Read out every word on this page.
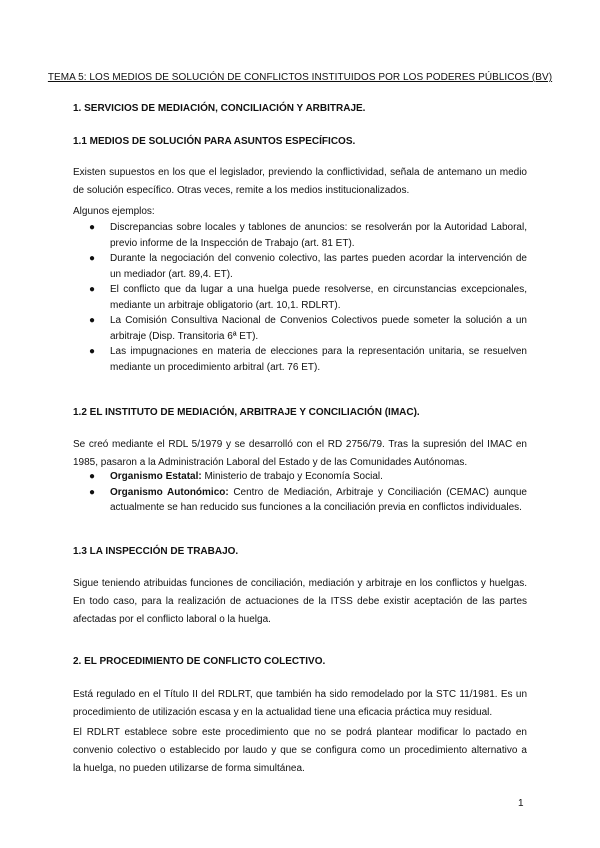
TEMA 5: LOS MEDIOS DE SOLUCIÓN DE CONFLICTOS INSTITUIDOS POR LOS PODERES PÚBLICOS (BV)
1. SERVICIOS DE MEDIACIÓN, CONCILIACIÓN Y ARBITRAJE.
1.1 MEDIOS DE SOLUCIÓN PARA ASUNTOS ESPECÍFICOS.
Existen supuestos en los que el legislador, previendo la conflictividad, señala de antemano un medio
de solución específico. Otras veces, remite a los medios institucionalizados.
Algunos ejemplos:
● Discrepancias sobre locales y tablones de anuncios: se resolverán por la Autoridad Laboral,
previo informe de la Inspección de Trabajo (art. 81 ET).
● Durante la negociación del convenio colectivo, las partes pueden acordar la intervención de
un mediador (art. 89,4. ET).
● El conflicto que da lugar a una huelga puede resolverse, en circunstancias excepcionales,
mediante un arbitraje obligatorio (art. 10,1. RDLRT).
● La Comisión Consultiva Nacional de Convenios Colectivos puede someter la solución a un
arbitraje (Disp. Transitoria 6ª ET).
● Las impugnaciones en materia de elecciones para la representación unitaria, se resuelven
mediante un procedimiento arbitral (art. 76 ET).
1.2 EL INSTITUTO DE MEDIACIÓN, ARBITRAJE Y CONCILIACIÓN (IMAC).
Se creó mediante el RDL 5/1979 y se desarrolló con el RD 2756/79. Tras la supresión del IMAC en
1985, pasaron a la Administración Laboral del Estado y de las Comunidades Autónomas.
● Organismo Estatal: Ministerio de trabajo y Economía Social.
● Organismo Autonómico: Centro de Mediación, Arbitraje y Conciliación (CEMAC) aunque
actualmente se han reducido sus funciones a la conciliación previa en conflictos individuales.
1.3 LA INSPECCIÓN DE TRABAJO.
Sigue teniendo atribuidas funciones de conciliación, mediación y arbitraje en los conflictos y huelgas.
En todo caso, para la realización de actuaciones de la ITSS debe existir aceptación de las partes
afectadas por el conflicto laboral o la huelga.
2. EL PROCEDIMIENTO DE CONFLICTO COLECTIVO.
Está regulado en el Título II del RDLRT, que también ha sido remodelado por la STC 11/1981. Es un
procedimiento de utilización escasa y en la actualidad tiene una eficacia práctica muy residual.
El RDLRT establece sobre este procedimiento que no se podrá plantear modificar lo pactado en
convenio colectivo o establecido por laudo y que se configura como un procedimiento alternativo a
la huelga, no pueden utilizarse de forma simultánea.
1
